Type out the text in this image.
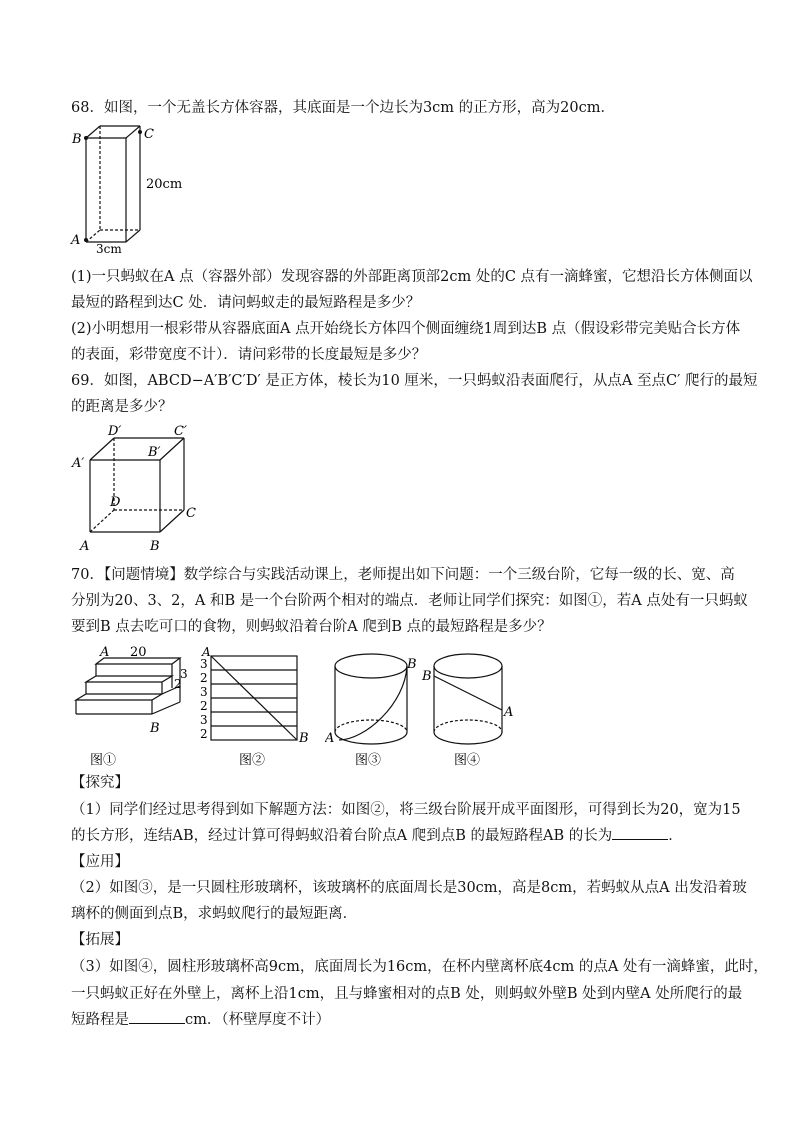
68．如图，一个无盖长方体容器，其底面是一个边长为3cm 的正方形，高为20cm．
B	C
20cm
A
3cm
(1)一只蚂蚁在A 点（容器外部）发现容器的外部距离顶部2cm 处的C 点有一滴蜂蜜，它想沿长方体侧面以
最短的路程到达C 处．请问蚂蚁走的最短路程是多少？
(2)小明想用一根彩带从容器底面A 点开始绕长方体四个侧面缠绕1周到达B 点（假设彩带完美贴合长方体
的表面，彩带宽度不计）．请问彩带的长度最短是多少？
69．如图，ABCD−A′B′C′D′ 是正方体，棱长为10 厘米，一只蚂蚁沿表面爬行，从点A 至点C′ 爬行的最短
的距离是多少？
D′	C′
A′
B′
D
C
A	B
70．【问题情境】数学综合与实践活动课上，老师提出如下问题：一个三级台阶，它每一级的长、宽、高
分别为20、3、2，A 和B 是一个台阶两个相对的端点．老师让同学们探究：如图①，若A 点处有一只蚂蚁
要到B 点去吃可口的食物，则蚂蚁沿着台阶A 爬到B 点的最短路程是多少？
A 20
3
2
B
图①
A
3
2
3
2
3
2	B
图②
A
B
图③
B
A
图④
【探究】
（1）同学们经过思考得到如下解题方法：如图②，将三级台阶展开成平面图形，可得到长为20，宽为15
的长方形，连结AB，经过计算可得蚂蚁沿着台阶点A 爬到点B 的最短路程AB 的长为	．
【应用】
（2）如图③，是一只圆柱形玻璃杯，该玻璃杯的底面周长是30cm，高是8cm，若蚂蚁从点A 出发沿着玻
璃杯的侧面到点B，求蚂蚁爬行的最短距离．
【拓展】
（3）如图④，圆柱形玻璃杯高9cm，底面周长为16cm，在杯内壁离杯底4cm 的点A 处有一滴蜂蜜，此时，
一只蚂蚁正好在外壁上，离杯上沿1cm，且与蜂蜜相对的点B 处，则蚂蚁外壁B 处到内壁A 处所爬行的最
短路程是	cm．（杯壁厚度不计）
